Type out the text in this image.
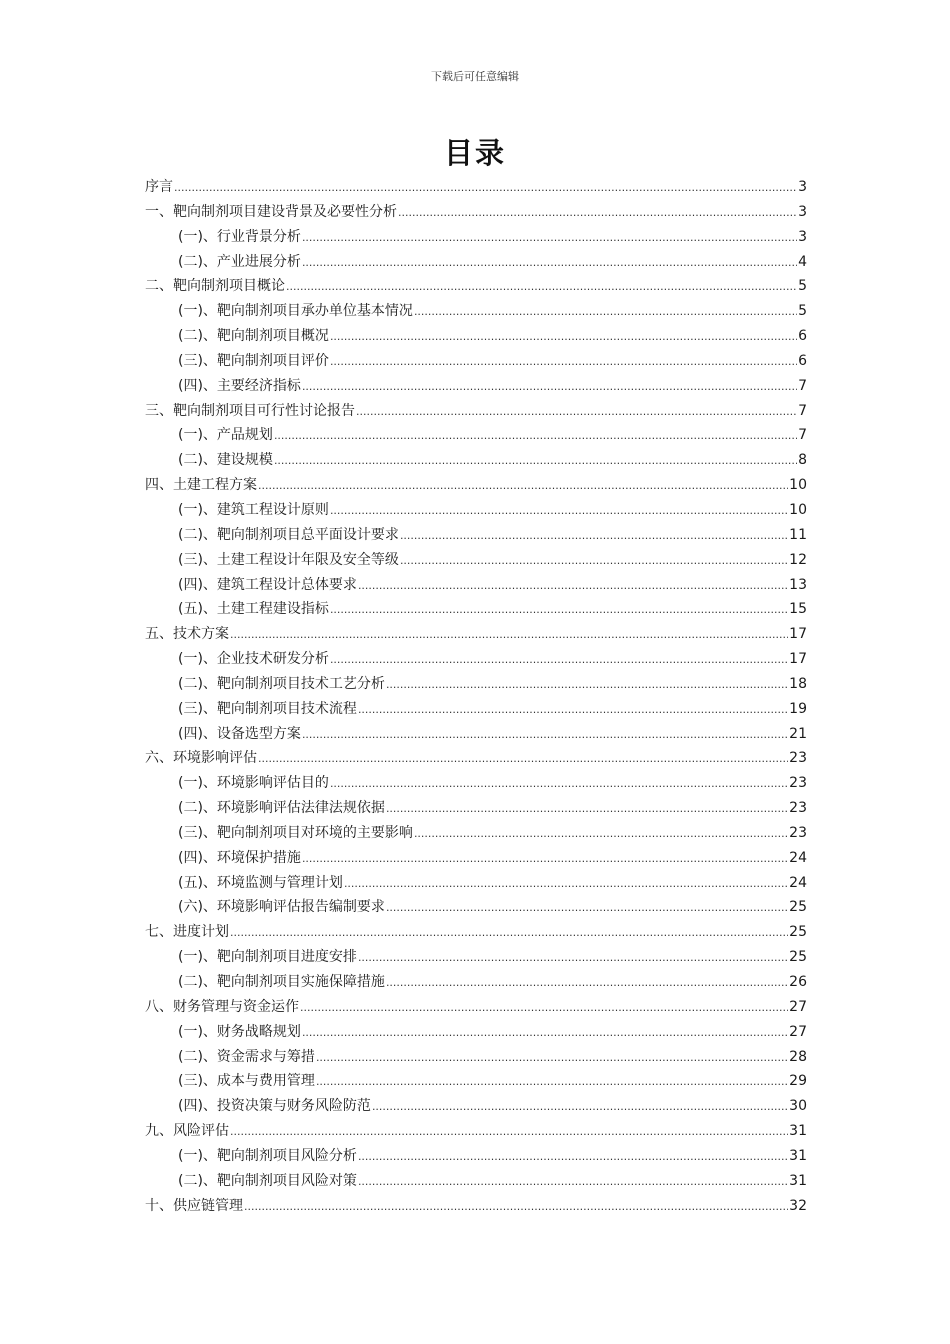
下载后可任意编辑
目录
序言 .....	3
一、靶向制剂项目建设背景及必要性分析 .....	3
(一)、行业背景分析 .....	3
(二)、产业进展分析 .....	4
二、靶向制剂项目概论 .....	5
(一)、靶向制剂项目承办单位基本情况 .....	5
(二)、靶向制剂项目概况 .....	6
(三)、靶向制剂项目评价 .....	6
(四)、主要经济指标 .....	7
三、靶向制剂项目可行性讨论报告 .....	7
(一)、产品规划 .....	7
(二)、建设规模 .....	8
四、土建工程方案 .....	10
(一)、建筑工程设计原则 .....	10
(二)、靶向制剂项目总平面设计要求 .....	11
(三)、土建工程设计年限及安全等级 .....	12
(四)、建筑工程设计总体要求 .....	13
(五)、土建工程建设指标 .....	15
五、技术方案 .....	17
(一)、企业技术研发分析 .....	17
(二)、靶向制剂项目技术工艺分析 .....	18
(三)、靶向制剂项目技术流程 .....	19
(四)、设备选型方案 .....	21
六、环境影响评估 .....	23
(一)、环境影响评估目的 .....	23
(二)、环境影响评估法律法规依据 .....	23
(三)、靶向制剂项目对环境的主要影响 .....	23
(四)、环境保护措施 .....	24
(五)、环境监测与管理计划 .....	24
(六)、环境影响评估报告编制要求 .....	25
七、进度计划 .....	25
(一)、靶向制剂项目进度安排 .....	25
(二)、靶向制剂项目实施保障措施 .....	26
八、财务管理与资金运作 .....	27
(一)、财务战略规划 .....	27
(二)、资金需求与筹措 .....	28
(三)、成本与费用管理 .....	29
(四)、投资决策与财务风险防范 .....	30
九、风险评估 .....	31
(一)、靶向制剂项目风险分析 .....	31
(二)、靶向制剂项目风险对策 .....	31
十、供应链管理 .....	32
